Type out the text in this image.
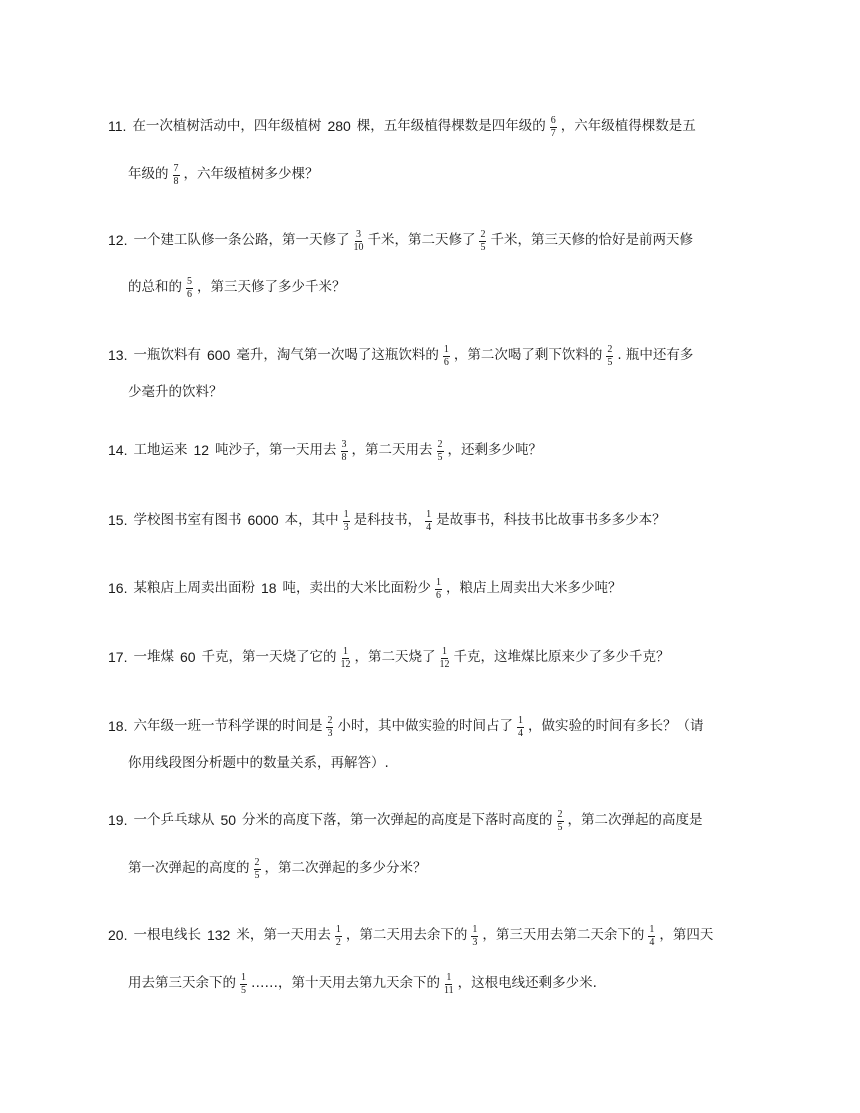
11. 在一次植树活动中，四年级植树 280 棵，五年级植得棵数是四年级的 $\frac{6}{7}$ ，六年级植得棵数是五
年级的 $\frac{7}{8}$ ，六年级植树多少棵？
12. 一个建工队修一条公路，第一天修了 $\frac{3}{10}$ 千米，第二天修了 $\frac{2}{5}$ 千米，第三天修的恰好是前两天修
的总和的 $\frac{5}{6}$ ，第三天修了多少千米？
13. 一瓶饮料有 600 毫升，淘气第一次喝了这瓶饮料的 $\frac{1}{6}$ ，第二次喝了剩下饮料的 $\frac{2}{5}$ . 瓶中还有多
少毫升的饮料？
14. 工地运来 12 吨沙子，第一天用去 $\frac{3}{8}$ ，第二天用去 $\frac{2}{5}$ ，还剩多少吨？
15. 学校图书室有图书 6000 本，其中 $\frac{1}{3}$ 是科技书， $\frac{1}{4}$ 是故事书，科技书比故事书多多少本？
16. 某粮店上周卖出面粉 18 吨，卖出的大米比面粉少 $\frac{1}{6}$ ，粮店上周卖出大米多少吨？
17. 一堆煤 60 千克，第一天烧了它的 $\frac{1}{12}$ ，第二天烧了 $\frac{1}{12}$ 千克，这堆煤比原来少了多少千克？
18. 六年级一班一节科学课的时间是 $\frac{2}{3}$ 小时，其中做实验的时间占了 $\frac{1}{4}$ ，做实验的时间有多长？（请
你用线段图分析题中的数量关系，再解答）.
19. 一个乒乓球从 50 分米的高度下落，第一次弹起的高度是下落时高度的 $\frac{2}{5}$ ，第二次弹起的高度是
第一次弹起的高度的 $\frac{2}{5}$ ，第二次弹起的多少分米？
20. 一根电线长 132 米，第一天用去 $\frac{1}{2}$ ，第二天用去余下的 $\frac{1}{3}$ ，第三天用去第二天余下的 $\frac{1}{4}$ ，第四天
用去第三天余下的 $\frac{1}{5}$ ……，第十天用去第九天余下的 $\frac{1}{11}$ ，这根电线还剩多少米.
